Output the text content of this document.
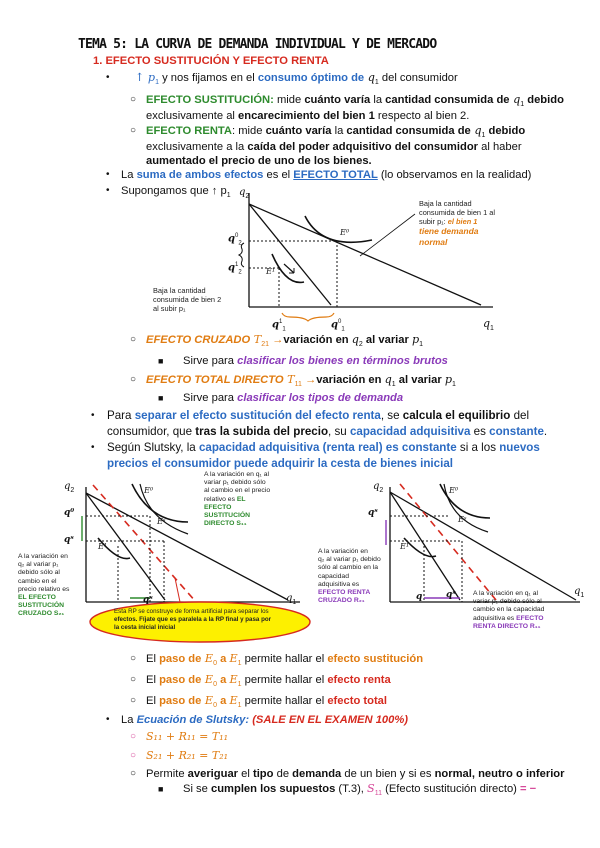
TEMA 5: LA CURVA DE DEMANDA INDIVIDUAL Y DE MERCADO
1. EFECTO SUSTITUCIÓN Y EFECTO RENTA
• ↑ $p_1$ y nos fijamos en el consumo óptimo de $q_1$ del consumidor
○ EFECTO SUSTITUCIÓN: mide cuánto varía la cantidad consumida de $q_1$ debido
exclusivamente al encarecimiento del bien 1 respecto al bien 2.
○ EFECTO RENTA: mide cuánto varía la cantidad consumida de $q_1$ debido
exclusivamente a la caída del poder adquisitivo del consumidor al haber
aumentado el precio de uno de los bienes.
• La suma de ambos efectos es el EFECTO TOTAL (lo observamos en la realidad)
• Supongamos que ↑ $p_1$ $q_2$
$q_1$
$q^0_2$
$q^1_2$
$q^1_1$	$q^0_1$
E⁰
E¹
Baja la cantidad
consumida de bien 1 al
subir p₁: el bien 1
tiene demanda
normal
Baja la cantidad
consumida de bien 2
al subir p₁
○ EFECTO CRUZADO $T_{21}$ →variación en $q_2$ al variar $p_1$
■ Sirve para clasificar los bienes en términos brutos
○ EFECTO TOTAL DIRECTO $T_{11}$ →variación en $q_1$ al variar $p_1$
■ Sirve para clasificar los tipos de demanda
• Para separar el efecto sustitución del efecto renta, se calcula el equilibrio del
consumidor, que tras la subida del precio, su capacidad adquisitiva es constante.
• Según Slutsky, la capacidad adquisitiva (renta real) es constante si a los nuevos
precios el consumidor puede adquirir la cesta de bienes inicial
$q_2$
$q_1$
E⁰
E¹
Eˢ
q⁰
qˢ
qˢ
$q_2$
$q_1$
E⁰
E¹
Eˢ
qˢ
q	qˢ
A la variación en q₁ al
variar p₁ debido sólo
al cambio en el precio
relativo es EL
EFECTO
SUSTITUCIÓN
DIRECTO S₁₁
A la variación en
q₂ al variar p₁
debido sólo al
cambio en el
precio relativo es
EL EFECTO
SUSTITUCIÓN
CRUZADO S₂₁	Esta RP se construye de forma artificial para separar los
efectos. Fíjate que es paralela a la RP final y pasa por
la cesta inicial inicial
A la variación en
q₂ al variar p₁ debido
sólo al cambio en la
capacidad
adquisitiva es
EFECTO RENTA
CRUZADO R₂₁
A la variación en q₁ al
variar p₁ debido sólo al
cambio en la capacidad
adquisitiva es EFECTO
RENTA DIRECTO R₁₁
○ El paso de $E_0$ a $E_1$ permite hallar el efecto sustitución
○ El paso de $E_0$ a $E_1$ permite hallar el efecto renta
○ El paso de $E_0$ a $E_1$ permite hallar el efecto total
• La Ecuación de Slutsky: (SALE EN EL EXAMEN 100%)
○ S₁₁ + R₁₁ = T₁₁
○ S₂₁ + R₂₁ = T₂₁
○ Permite averiguar el tipo de demanda de un bien y si es normal, neutro o inferior
■ Si se cumplen los supuestos (T.3), $S_{11}$ (Efecto sustitución directo) = −
